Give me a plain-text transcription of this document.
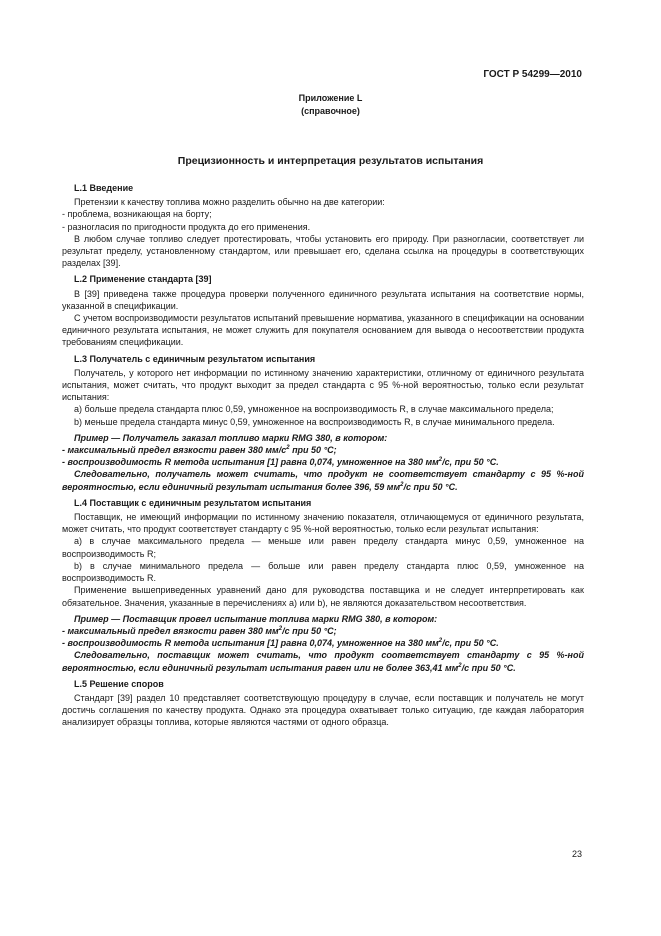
ГОСТ Р 54299—2010
Приложение L
(справочное)
Прецизионность и интерпретация результатов испытания
L.1 Введение

Претензии к качеству топлива можно разделить обычно на две категории:

- проблема, возникающая на борту;

- разногласия по пригодности продукта до его применения.

В любом случае топливо следует протестировать, чтобы установить его природу. При разногласии, соответствует ли результат пределу, установленному стандартом, или превышает его, сделана ссылка на процедуры в соответствующих разделах [39].

L.2 Применение стандарта [39]

В [39] приведена также процедура проверки полученного единичного результата испытания на соответствие нормы, указанной в спецификации.

С учетом воспроизводимости результатов испытаний превышение норматива, указанного в спецификации на основании единичного результата испытания, не может служить для покупателя основанием для вывода о несоответствии продукта требованиям спецификации.

L.3 Получатель с единичным результатом испытания

Получатель, у которого нет информации по истинному значению характеристики, отличному от единичного результата испытания, может считать, что продукт выходит за предел стандарта с 95 %-ной вероятностью, только если результат испытания:

а) больше предела стандарта плюс 0,59, умноженное на воспроизводимость R, в случае максимального предела;

b) меньше предела стандарта минус 0,59, умноженное на воспроизводимость R, в случае минимального предела.

Пример — Получатель заказал топливо марки RMG 380, в котором:

- максимальный предел вязкости равен 380 $мм/с^2$ при 50 °С;

- воспроизводимость R метода испытания [1] равна 0,074, умноженное на 380 $мм^2/с$, при 50 °С.

Следовательно, получатель может считать, что продукт не соответствует стандарту с 95 %-ной вероятностью, если единичный результат испытания более 396, 59 $мм^2/с$ при 50 °С.

L.4 Поставщик с единичным результатом испытания

Поставщик, не имеющий информации по истинному значению показателя, отличающемуся от единичного результата, может считать, что продукт соответствует стандарту с 95 %-ной вероятностью, только если результат испытания:

а) в случае максимального предела — меньше или равен пределу стандарта минус 0,59, умноженное на воспроизводимость R;

b) в случае минимального предела — больше или равен пределу стандарта плюс 0,59, умноженное на воспроизводимость R.

Применение вышеприведенных уравнений дано для руководства поставщика и не следует интерпретировать как обязательное. Значения, указанные в перечислениях а) или b), не являются доказательством несоответствия.

Пример — Поставщик провел испытание топлива марки RMG 380, в котором:

- максимальный предел вязкости равен 380 $мм^2/с$ при 50 °С;

- воспроизводимость R метода испытания [1] равна 0,074, умноженное на 380 $мм^2/с$, при 50 °С.

Следовательно, поставщик может считать, что продукт соответствует стандарту с 95 %-ной вероятностью, если единичный результат испытания равен или не более 363,41 $мм^2/с$ при 50 °С.

L.5 Решение споров

Стандарт [39] раздел 10 представляет соответствующую процедуру в случае, если поставщик и получатель не могут достичь соглашения по качеству продукта. Однако эта процедура охватывает только ситуацию, где каждая лаборатория анализирует образцы топлива, которые являются частями от одного образца.

23
